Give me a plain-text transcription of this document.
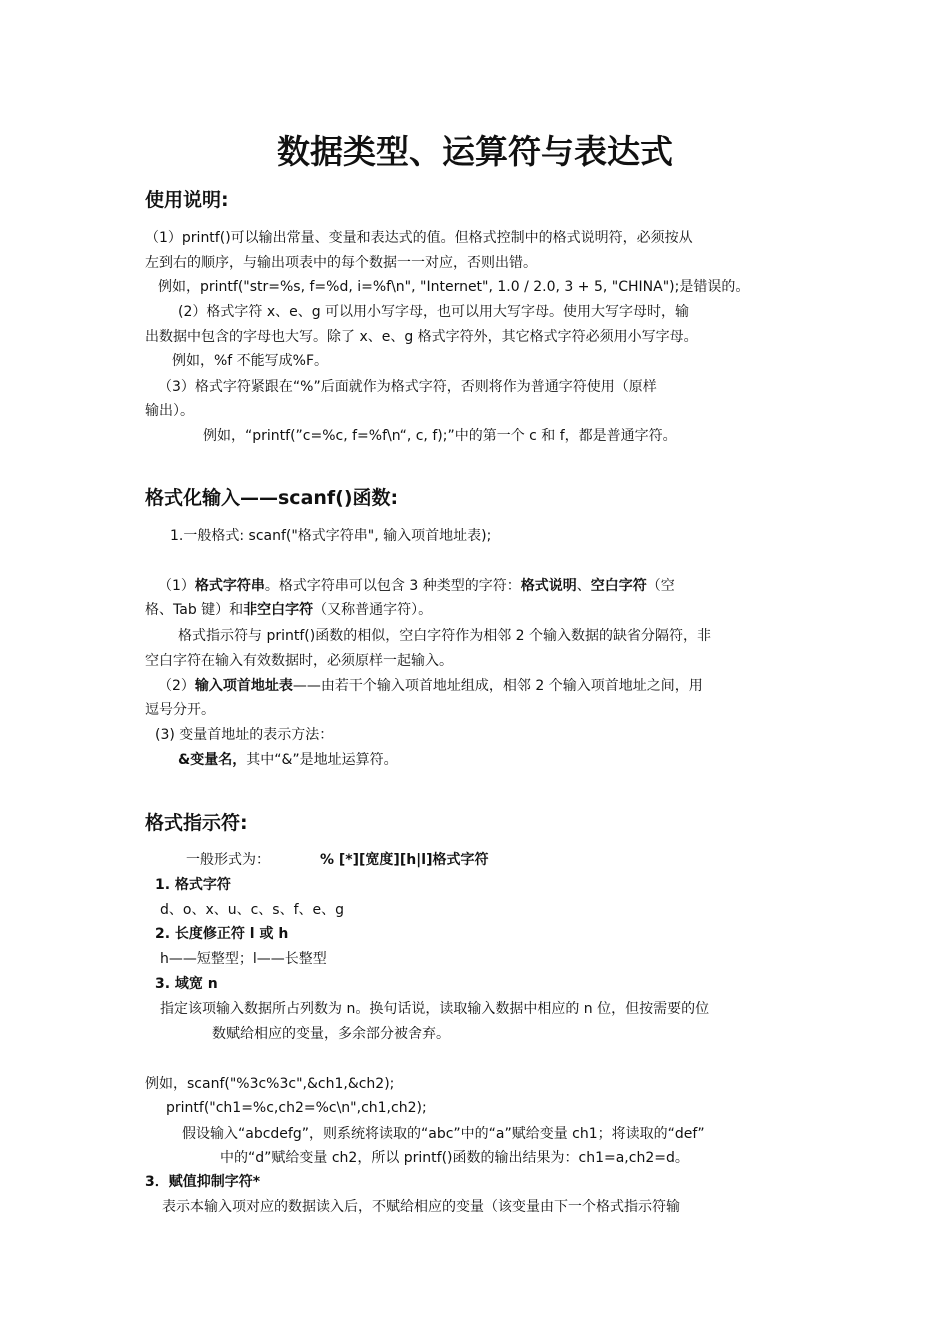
数据类型、运算符与表达式
使用说明:
（1）printf()可以输出常量、变量和表达式的值。但格式控制中的格式说明符，必须按从
左到右的顺序，与输出项表中的每个数据一一对应，否则出错。
例如，printf("str=%s, f=%d, i=%f\n", "Internet", 1.0 / 2.0, 3 + 5, "CHINA");是错误的。
(2）格式字符 x、e、g 可以用小写字母，也可以用大写字母。使用大写字母时，输
出数据中包含的字母也大写。除了 x、e、g 格式字符外，其它格式字符必须用小写字母。
例如，%f 不能写成%F。
（3）格式字符紧跟在“%”后面就作为格式字符，否则将作为普通字符使用（原样
输出）。
例如，“printf(”c=%c, f=%f\n“, c, f);”中的第一个 c 和 f，都是普通字符。
格式化输入——scanf()函数:
1.一般格式: scanf("格式字符串", 输入项首地址表);
（1）格式字符串。格式字符串可以包含 3 种类型的字符：格式说明、空白字符（空
格、Tab 键）和非空白字符（又称普通字符）。
格式指示符与 printf()函数的相似，空白字符作为相邻 2 个输入数据的缺省分隔符，非
空白字符在输入有效数据时，必须原样一起输入。
（2）输入项首地址表——由若干个输入项首地址组成，相邻 2 个输入项首地址之间，用
逗号分开。
(3) 变量首地址的表示方法：
&变量名，其中“&”是地址运算符。
格式指示符:
一般形式为：	% [*][宽度][h|l]格式字符
1. 格式字符
d、o、x、u、c、s、f、e、g
2. 长度修正符 l 或 h
h——短整型；l——长整型
3. 域宽 n
指定该项输入数据所占列数为 n。换句话说，读取输入数据中相应的 n 位，但按需要的位
数赋给相应的变量，多余部分被舍弃。
例如，scanf("%3c%3c",&ch1,&ch2);
printf("ch1=%c,ch2=%c\n",ch1,ch2);
假设输入“abcdefg”，则系统将读取的“abc”中的“a”赋给变量 ch1；将读取的“def”
中的“d”赋给变量 ch2，所以 printf()函数的输出结果为：ch1=a,ch2=d。
3．赋值抑制字符*
表示本输入项对应的数据读入后，不赋给相应的变量（该变量由下一个格式指示符输
